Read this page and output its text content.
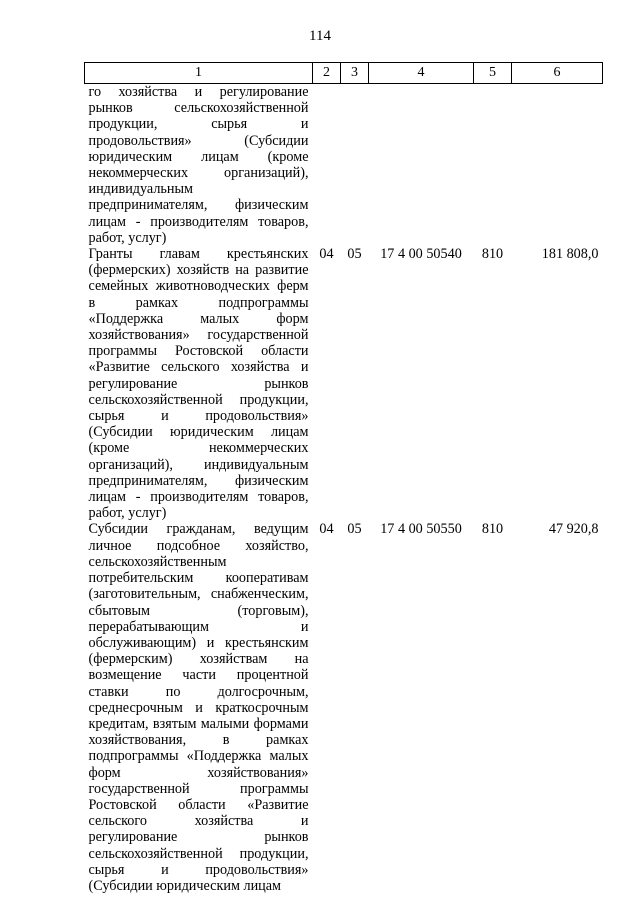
114
1	2	3	4	5	6
го хозяйства и регулирование рынков сельскохозяйственной продукции, сырья и продовольствия» (Субсидии юридическим лицам (кроме некоммерческих организаций), индивидуальным предпринимателям, физическим лицам - производителям товаров, работ, услуг)					
Гранты главам крестьянских (фермерских) хозяйств на развитие семейных животноводческих ферм в рамках подпрограммы «Поддержка малых форм хозяйствования» государственной программы Ростовской области «Развитие сельского хозяйства и регулирование рынков сельскохозяйственной продукции, сырья и продовольствия» (Субсидии юридическим лицам (кроме некоммерческих организаций), индивидуальным предпринимателям, физическим лицам - производителям товаров, работ, услуг)	04	05	17 4 00 50540	810	181 808,0
Субсидии гражданам, ведущим личное подсобное хозяйство, сельскохозяйственным потребительским кооперативам (заготовительным, снабженческим, сбытовым (торговым), перерабатывающим и обслуживающим) и крестьянским (фермерским) хозяйствам на возмещение части процентной ставки по долгосрочным, среднесрочным и краткосрочным кредитам, взятым малыми формами хозяйствования, в рамках подпрограммы «Поддержка малых форм хозяйствования» государственной программы Ростовской области «Развитие сельского хозяйства и регулирование рынков сельскохозяйственной продукции, сырья и продовольствия» (Субсидии юридическим лицам	04	05	17 4 00 50550	810	47 920,8
